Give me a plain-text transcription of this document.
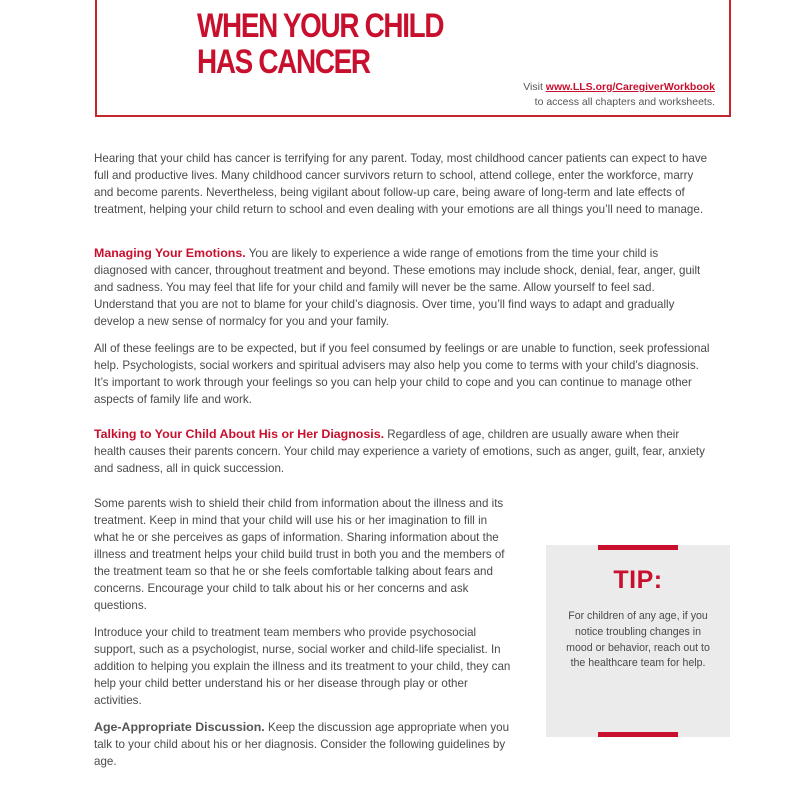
WHEN YOUR CHILD
HAS CANCER
Visit www.LLS.org/CaregiverWorkbook
to access all chapters and worksheets.

Hearing that your child has cancer is terrifying for any parent. Today, most childhood cancer patients can expect to have full and productive lives. Many childhood cancer survivors return to school, attend college, enter the workforce, marry and become parents. Nevertheless, being vigilant about follow-up care, being aware of long-term and late effects of treatment, helping your child return to school and even dealing with your emotions are all things you’ll need to manage.

Managing Your Emotions. You are likely to experience a wide range of emotions from the time your child is diagnosed with cancer, throughout treatment and beyond. These emotions may include shock, denial, fear, anger, guilt and sadness. You may feel that life for your child and family will never be the same. Allow yourself to feel sad. Understand that you are not to blame for your child’s diagnosis. Over time, you’ll find ways to adapt and gradually develop a new sense of normalcy for you and your family.

All of these feelings are to be expected, but if you feel consumed by feelings or are unable to function, seek professional help. Psychologists, social workers and spiritual advisers may also help you come to terms with your child’s diagnosis. It’s important to work through your feelings so you can help your child to cope and you can continue to manage other aspects of family life and work.

Talking to Your Child About His or Her Diagnosis. Regardless of age, children are usually aware when their health causes their parents concern. Your child may experience a variety of emotions, such as anger, guilt, fear, anxiety and sadness, all in quick succession.

Some parents wish to shield their child from information about the illness and its treatment. Keep in mind that your child will use his or her imagination to fill in what he or she perceives as gaps of information. Sharing information about the illness and treatment helps your child build trust in both you and the members of the treatment team so that he or she feels comfortable talking about fears and concerns. Encourage your child to talk about his or her concerns and ask questions.

Introduce your child to treatment team members who provide psychosocial support, such as a psychologist, nurse, social worker and child-life specialist. In addition to helping you explain the illness and its treatment to your child, they can help your child better understand his or her disease through play or other activities.

Age-Appropriate Discussion. Keep the discussion age appropriate when you talk to your child about his or her diagnosis. Consider the following guidelines by age.

TIP:
For children of any age, if you notice troubling changes in mood or behavior, reach out to the healthcare team for help.
